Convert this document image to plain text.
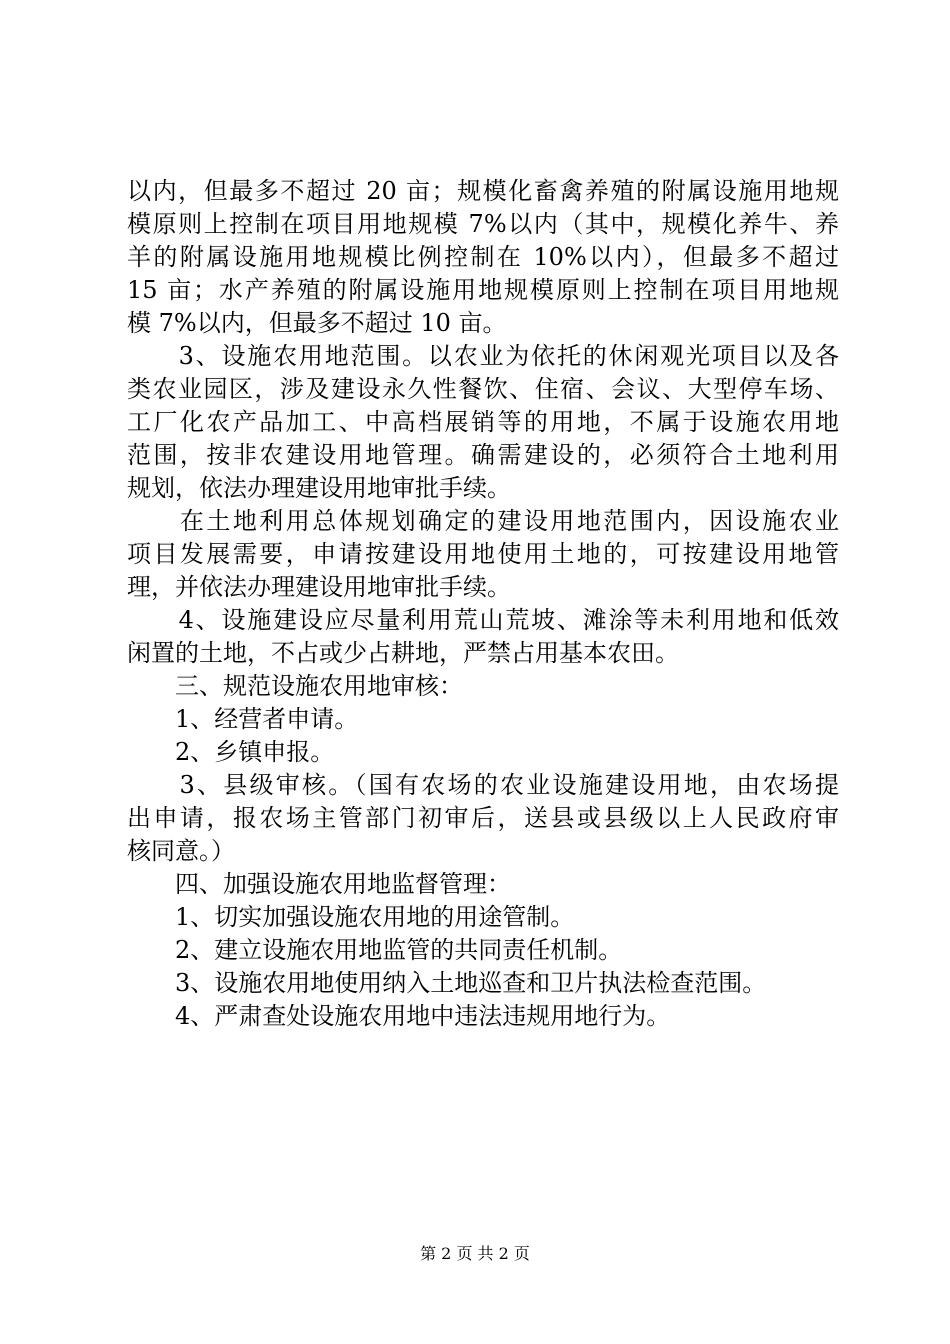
以内，但最多不超过 20 亩；规模化畜禽养殖的附属设施用地规
模原则上控制在项目用地规模 7%以内（其中，规模化养牛、养
羊的附属设施用地规模比例控制在 10%以内），但最多不超过
15 亩；水产养殖的附属设施用地规模原则上控制在项目用地规
模 7%以内，但最多不超过 10 亩。
　　3、设施农用地范围。以农业为依托的休闲观光项目以及各
类农业园区，涉及建设永久性餐饮、住宿、会议、大型停车场、
工厂化农产品加工、中高档展销等的用地，不属于设施农用地
范围，按非农建设用地管理。确需建设的，必须符合土地利用
规划，依法办理建设用地审批手续。
　　在土地利用总体规划确定的建设用地范围内，因设施农业
项目发展需要，申请按建设用地使用土地的，可按建设用地管
理，并依法办理建设用地审批手续。
　　4、设施建设应尽量利用荒山荒坡、滩涂等未利用地和低效
闲置的土地，不占或少占耕地，严禁占用基本农田。
　　三、规范设施农用地审核：
　　1、经营者申请。
　　2、乡镇申报。
　　3、县级审核。（国有农场的农业设施建设用地，由农场提
出申请，报农场主管部门初审后，送县或县级以上人民政府审
核同意。）
　　四、加强设施农用地监督管理：
　　1、切实加强设施农用地的用途管制。
　　2、建立设施农用地监管的共同责任机制。
　　3、设施农用地使用纳入土地巡查和卫片执法检查范围。
　　4、严肃查处设施农用地中违法违规用地行为。
第 2 页 共 2 页
